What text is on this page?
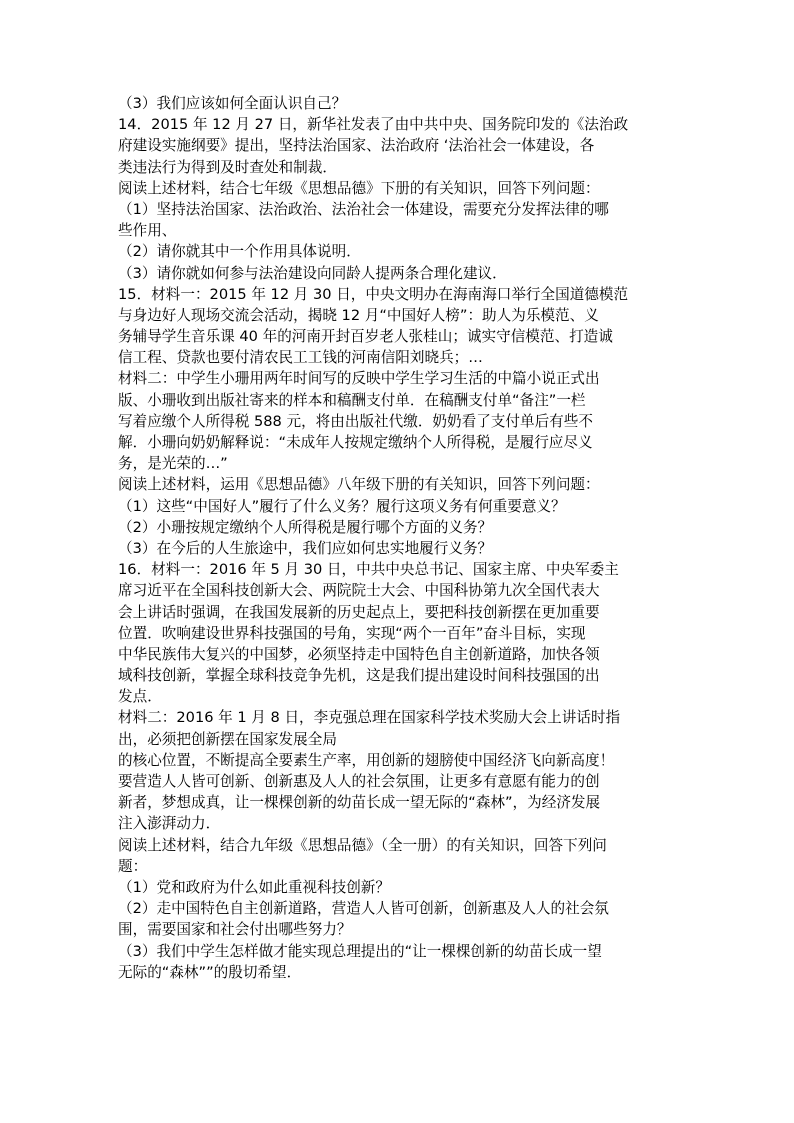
（3）我们应该如何全面认识自己？
14．2015 年 12 月 27 日，新华社发表了由中共中央、国务院印发的《法治政
府建设实施纲要》提出，坚持法治国家、法治政府 ‘法治社会一体建设，各
类违法行为得到及时查处和制裁．
阅读上述材料，结合七年级《思想品德》下册的有关知识，回答下列问题：
（1）坚持法治国家、法治政治、法治社会一体建设，需要充分发挥法律的哪
些作用、
（2）请你就其中一个作用具体说明．
（3）请你就如何参与法治建设向同龄人提两条合理化建议．
15．材料一：2015 年 12 月 30 日，中央文明办在海南海口举行全国道德模范
与身边好人现场交流会活动，揭晓 12 月“中国好人榜”：助人为乐模范、义
务辅导学生音乐课 40 年的河南开封百岁老人张桂山；诚实守信模范、打造诚
信工程、贷款也要付清农民工工钱的河南信阳刘晓兵；…
材料二：中学生小珊用两年时间写的反映中学生学习生活的中篇小说正式出
版、小珊收到出版社寄来的样本和稿酬支付单．在稿酬支付单“备注”一栏
写着应缴个人所得税 588 元，将由出版社代缴．奶奶看了支付单后有些不
解．小珊向奶奶解释说：“未成年人按规定缴纳个人所得税，是履行应尽义
务，是光荣的…”
阅读上述材料，运用《思想品德》八年级下册的有关知识，回答下列问题：
（1）这些“中国好人”履行了什么义务？履行这项义务有何重要意义？
（2）小珊按规定缴纳个人所得税是履行哪个方面的义务？
（3）在今后的人生旅途中，我们应如何忠实地履行义务？
16．材料一：2016 年 5 月 30 日，中共中央总书记、国家主席、中央军委主
席习近平在全国科技创新大会、两院院士大会、中国科协第九次全国代表大
会上讲话时强调，在我国发展新的历史起点上，要把科技创新摆在更加重要
位置．吹响建设世界科技强国的号角，实现“两个一百年”奋斗目标，实现
中华民族伟大复兴的中国梦，必须坚持走中国特色自主创新道路，加快各领
域科技创新，掌握全球科技竞争先机，这是我们提出建设时间科技强国的出
发点．
材料二：2016 年 1 月 8 日，李克强总理在国家科学技术奖励大会上讲话时指
出，必须把创新摆在国家发展全局
的核心位置，不断提高全要素生产率，用创新的翅膀使中国经济飞向新高度！
要营造人人皆可创新、创新惠及人人的社会氛围，让更多有意愿有能力的创
新者，梦想成真，让一棵棵创新的幼苗长成一望无际的“森林”，为经济发展
注入澎湃动力．
阅读上述材料，结合九年级《思想品德》（全一册）的有关知识，回答下列问
题：
（1）党和政府为什么如此重视科技创新？
（2）走中国特色自主创新道路，营造人人皆可创新，创新惠及人人的社会氛
围，需要国家和社会付出哪些努力？
（3）我们中学生怎样做才能实现总理提出的“让一棵棵创新的幼苗长成一望
无际的“森林””的殷切希望．
